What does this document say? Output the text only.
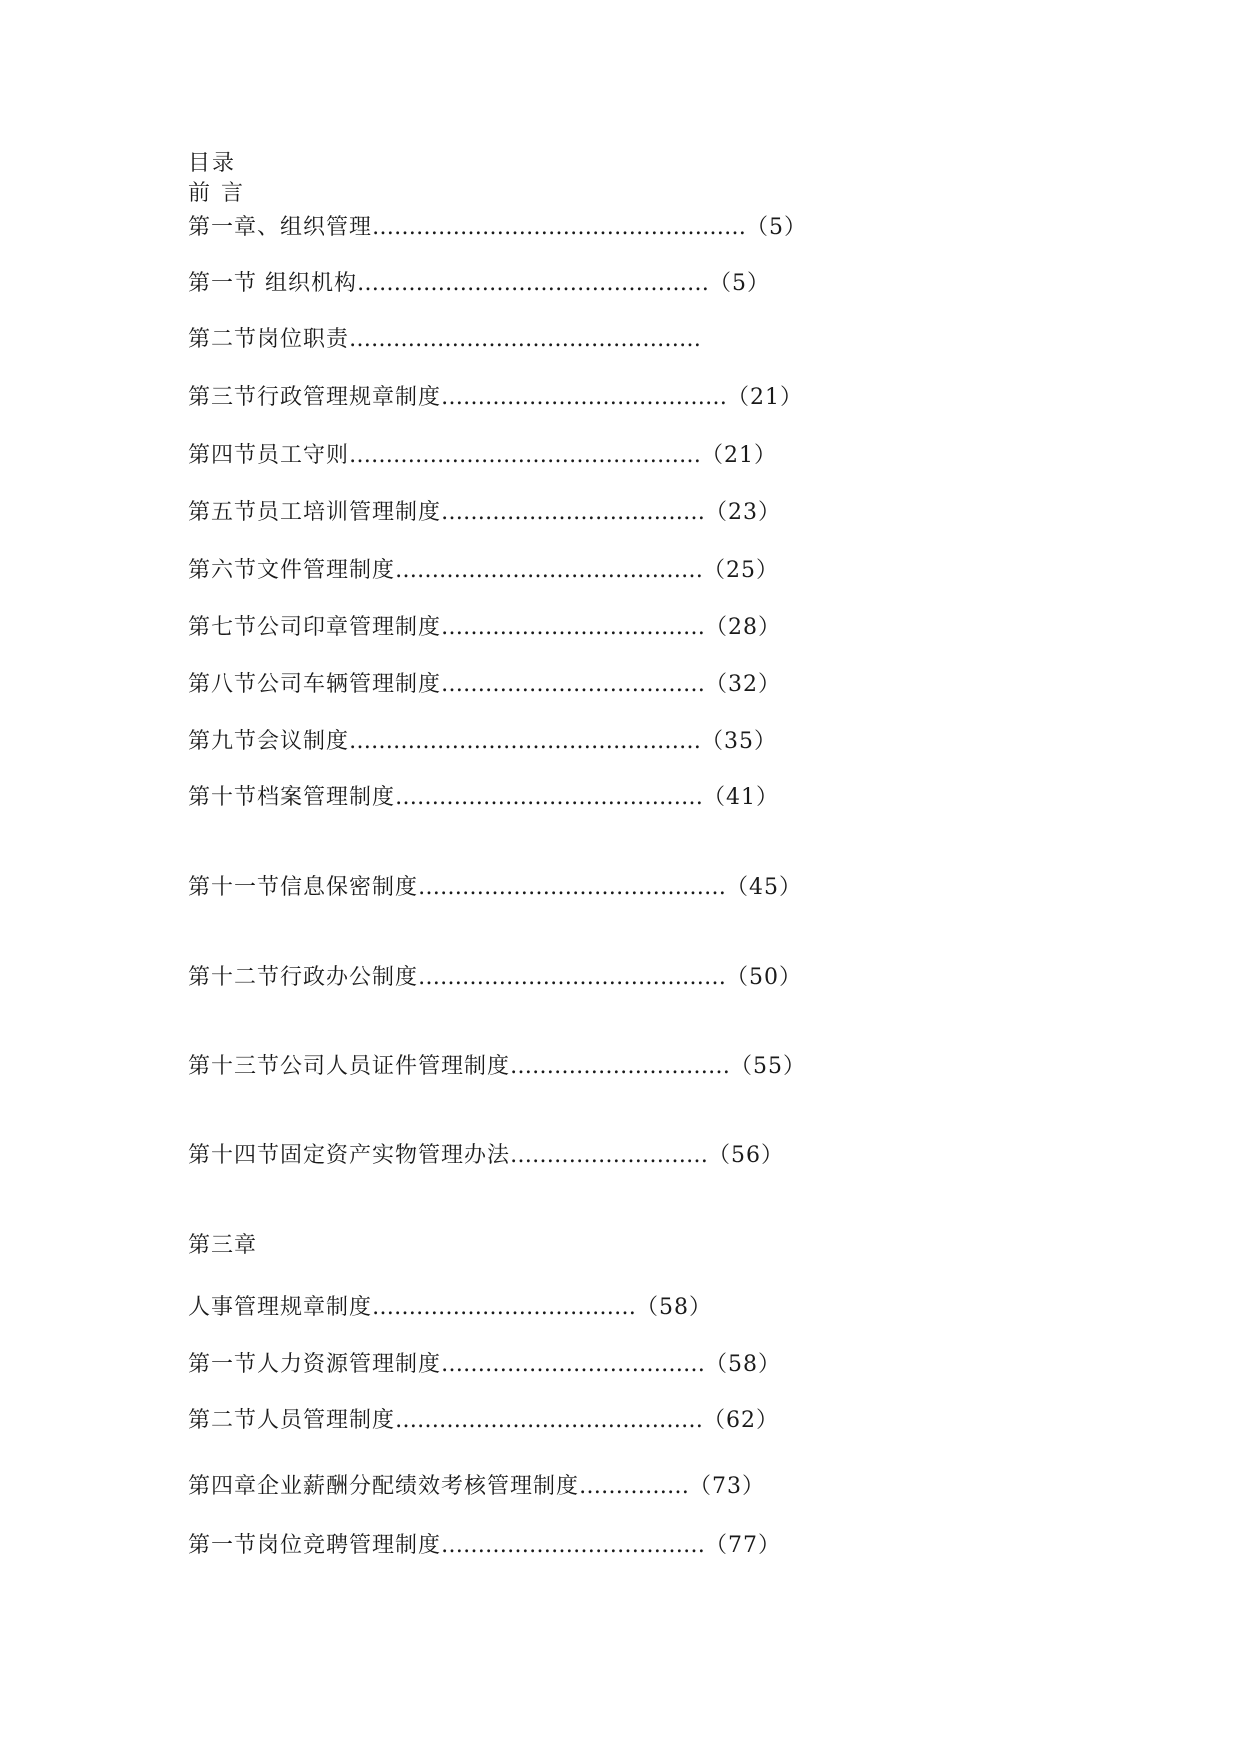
目录
前 言
第一章、组织管理……………………………………………（5）
第一节 组织机构…………………………………………（5）
第二节岗位职责…………………………………………
第三节行政管理规章制度…………………………………（21）
第四节员工守则…………………………………………（21）
第五节员工培训管理制度………………………………（23）
第六节文件管理制度……………………………………（25）
第七节公司印章管理制度………………………………（28）
第八节公司车辆管理制度………………………………（32）
第九节会议制度…………………………………………（35）
第十节档案管理制度……………………………………（41）
第十一节信息保密制度……………………………………（45）
第十二节行政办公制度……………………………………（50）
第十三节公司人员证件管理制度…………………………（55）
第十四节固定资产实物管理办法………………………（56）
第三章
人事管理规章制度………………………………（58）
第一节人力资源管理制度………………………………（58）
第二节人员管理制度……………………………………（62）
第四章企业薪酬分配绩效考核管理制度……………（73）
第一节岗位竞聘管理制度………………………………（77）
